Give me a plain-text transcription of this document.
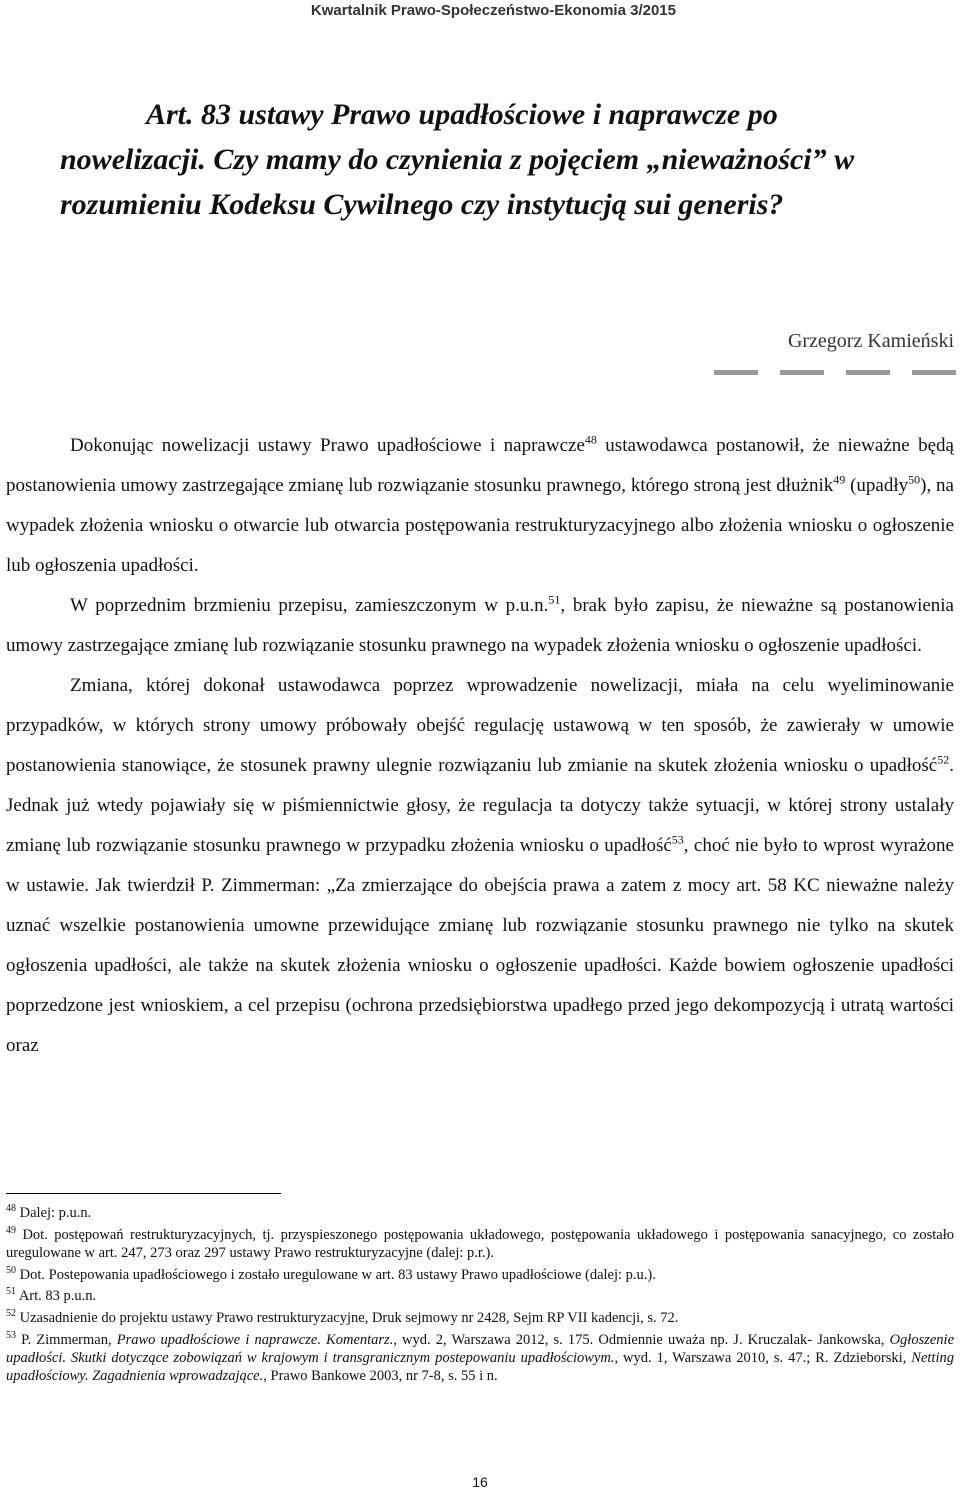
Kwartalnik Prawo-Społeczeństwo-Ekonomia 3/2015
Art. 83 ustawy Prawo upadłościowe i naprawcze po
nowelizacji. Czy mamy do czynienia z pojęciem „nieważności” w
rozumieniu Kodeksu Cywilnego czy instytucją sui generis?
Grzegorz Kamieński

Dokonując nowelizacji ustawy Prawo upadłościowe i naprawcze$^{48}$ ustawodawca postanowił, że nieważne będą postanowienia umowy zastrzegające zmianę lub rozwiązanie stosunku prawnego, którego stroną jest dłużnik$^{49}$ (upadły$^{50}$), na wypadek złożenia wniosku o otwarcie lub otwarcia postępowania restrukturyzacyjnego albo złożenia wniosku o ogłoszenie lub ogłoszenia upadłości.

W poprzednim brzmieniu przepisu, zamieszczonym w p.u.n.$^{51}$, brak było zapisu, że nieważne są postanowienia umowy zastrzegające zmianę lub rozwiązanie stosunku prawnego na wypadek złożenia wniosku o ogłoszenie upadłości.

Zmiana, której dokonał ustawodawca poprzez wprowadzenie nowelizacji, miała na celu wyeliminowanie przypadków, w których strony umowy próbowały obejść regulację ustawową w ten sposób, że zawierały w umowie postanowienia stanowiące, że stosunek prawny ulegnie rozwiązaniu lub zmianie na skutek złożenia wniosku o upadłość$^{52}$. Jednak już wtedy pojawiały się w piśmiennictwie głosy, że regulacja ta dotyczy także sytuacji, w której strony ustalały zmianę lub rozwiązanie stosunku prawnego w przypadku złożenia wniosku o upadłość$^{53}$, choć nie było to wprost wyrażone w ustawie. Jak twierdził P. Zimmerman: „Za zmierzające do obejścia prawa a zatem z mocy art. 58 KC nieważne należy uznać wszelkie postanowienia umowne przewidujące zmianę lub rozwiązanie stosunku prawnego nie tylko na skutek ogłoszenia upadłości, ale także na skutek złożenia wniosku o ogłoszenie upadłości. Każde bowiem ogłoszenie upadłości poprzedzone jest wnioskiem, a cel przepisu (ochrona przedsiębiorstwa upadłego przed jego dekompozycją i utratą wartości oraz

$^{48}$ Dalej: p.u.n.

$^{49}$ Dot. postępowań restrukturyzacyjnych, tj. przyspieszonego postępowania układowego, postępowania układowego i postępowania sanacyjnego, co zostało uregulowane w art. 247, 273 oraz 297 ustawy Prawo restrukturyzacyjne (dalej: p.r.).

$^{50}$ Dot. Postepowania upadłościowego i zostało uregulowane w art. 83 ustawy Prawo upadłościowe (dalej: p.u.).

$^{51}$ Art. 83 p.u.n.

$^{52}$ Uzasadnienie do projektu ustawy Prawo restrukturyzacyjne, Druk sejmowy nr 2428, Sejm RP VII kadencji, s. 72.

$^{53}$ P. Zimmerman, Prawo upadłościowe i naprawcze. Komentarz., wyd. 2, Warszawa 2012, s. 175. Odmiennie uważa np. J. Kruczalak- Jankowska, Ogłoszenie upadłości. Skutki dotyczące zobowiązań w krajowym i transgranicznym postepowaniu upadłościowym., wyd. 1, Warszawa 2010, s. 47.; R. Zdzieborski, Netting upadłościowy. Zagadnienia wprowadzające., Prawo Bankowe 2003, nr 7-8, s. 55 i n.

16
